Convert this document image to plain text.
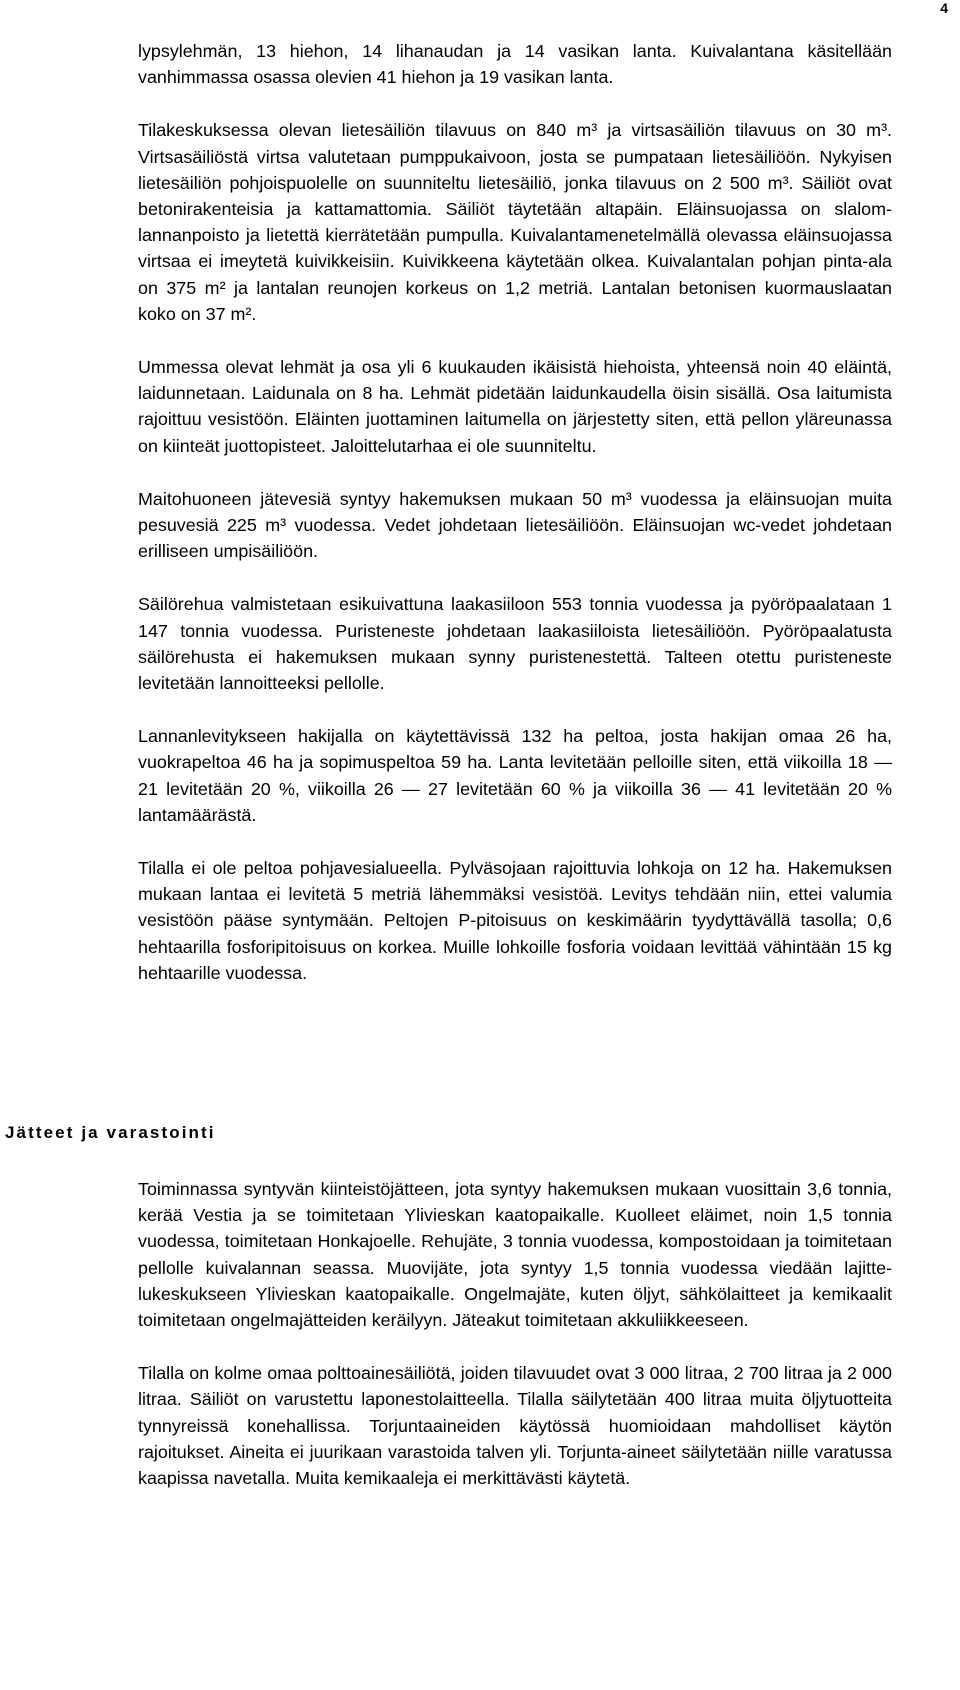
4

lypsylehmän, 13 hiehon, 14 lihanaudan ja 14 vasikan lanta. Kuivalantana käsitellään vanhimmassa osassa olevien 41 hiehon ja 19 vasikan lanta.

Tilakeskuksessa olevan lietesäiliön tilavuus on 840 m³ ja virtsasäiliön tilavuus on 30 m³. Virtsasäiliöstä virtsa valutetaan pumppukaivoon, josta se pumpataan lietesäiliöön. Nykyisen lietesäiliön pohjoispuolelle on suunniteltu lietesäiliö, jonka tilavuus on 2 500 m³. Säiliöt ovat betonirakenteisia ja kattamattomia. Säiliöt täytetään altapäin. Eläinsuojassa on slalomlannanpoisto ja lietettä kierrätetään pumpulla. Kuivalantamenetelmällä olevassa eläinsuojassa virtsaa ei imeytetä kuivikkeisiin. Kuivikkeena käytetään olkea. Kuivalantalan pohjan pinta-ala on 375 m² ja lantalan reunojen korkeus on 1,2 metriä. Lantalan betonisen kuormauslaatan koko on 37 m².

Ummessa olevat lehmät ja osa yli 6 kuukauden ikäisistä hiehoista, yhteensä noin 40 eläintä, laidunnetaan. Laidunala on 8 ha. Lehmät pidetään laidunkaudella öisin sisällä. Osa laitumista rajoittuu vesistöön. Eläinten juottaminen laitumella on järjestetty siten, että pellon yläreunassa on kiinteät juottopisteet. Jaloittelutarhaa ei ole suunniteltu.

Maitohuoneen jätevesiä syntyy hakemuksen mukaan 50 m³ vuodessa ja eläinsuojan muita pesuvesiä 225 m³ vuodessa. Vedet johdetaan lietesäiliöön. Eläinsuojan wc-vedet johdetaan erilliseen umpisäiliöön.

Säilörehua valmistetaan esikuivattuna laakasiiloon 553 tonnia vuodessa ja pyöröpaalataan 1 147 tonnia vuodessa. Puristeneste johdetaan laakasiiloista lietesäiliöön. Pyöröpaalatusta säilörehusta ei hakemuksen mukaan synny puristenestettä. Talteen otettu puristeneste levitetään lannoitteeksi pellolle.

Lannanlevitykseen hakijalla on käytettävissä 132 ha peltoa, josta hakijan omaa 26 ha, vuokrapeltoa 46 ha ja sopimuspeltoa 59 ha. Lanta levitetään pelloille siten, että viikoilla 18 — 21 levitetään 20 %, viikoilla 26 — 27 levitetään 60 % ja viikoilla 36 — 41 levitetään 20 % lantamäärästä.

Tilalla ei ole peltoa pohjavesialueella. Pylväsojaan rajoittuvia lohkoja on 12 ha. Hakemuksen mukaan lantaa ei levitetä 5 metriä lähemmäksi vesistöä. Levitys tehdään niin, ettei valumia vesistöön pääse syntymään. Peltojen P-pitoisuus on keskimäärin tyydyttävällä tasolla; 0,6 hehtaarilla fosforipitoisuus on korkea. Muille lohkoille fosforia voidaan levittää vähintään 15 kg hehtaarille vuodessa.

Jätteet ja varastointi

Toiminnassa syntyvän kiinteistöjätteen, jota syntyy hakemuksen mukaan vuosittain 3,6 tonnia, kerää Vestia ja se toimitetaan Ylivieskan kaatopaikalle. Kuolleet eläimet, noin 1,5 tonnia vuodessa, toimitetaan Honkajoelle. Rehujäte, 3 tonnia vuodessa, kompostoidaan ja toimitetaan pellolle kuivalannan seassa. Muovijäte, jota syntyy 1,5 tonnia vuodessa viedään lajittelukeskukseen Ylivieskan kaatopaikalle. Ongelmajäte, kuten öljyt, sähkölaitteet ja kemikaalit toimitetaan ongelmajätteiden keräilyyn. Jäteakut toimitetaan akkuliikkeeseen.

Tilalla on kolme omaa polttoainesäiliötä, joiden tilavuudet ovat 3 000 litraa, 2 700 litraa ja 2 000 litraa. Säiliöt on varustettu laponestolaitteella. Tilalla säilytetään 400 litraa muita öljytuotteita tynnyreissä konehallissa. Torjuntaaineiden käytössä huomioidaan mahdolliset käytön rajoitukset. Aineita ei juurikaan varastoida talven yli. Torjunta-aineet säilytetään niille varatussa kaapissa navetalla. Muita kemikaaleja ei merkittävästi käytetä.
